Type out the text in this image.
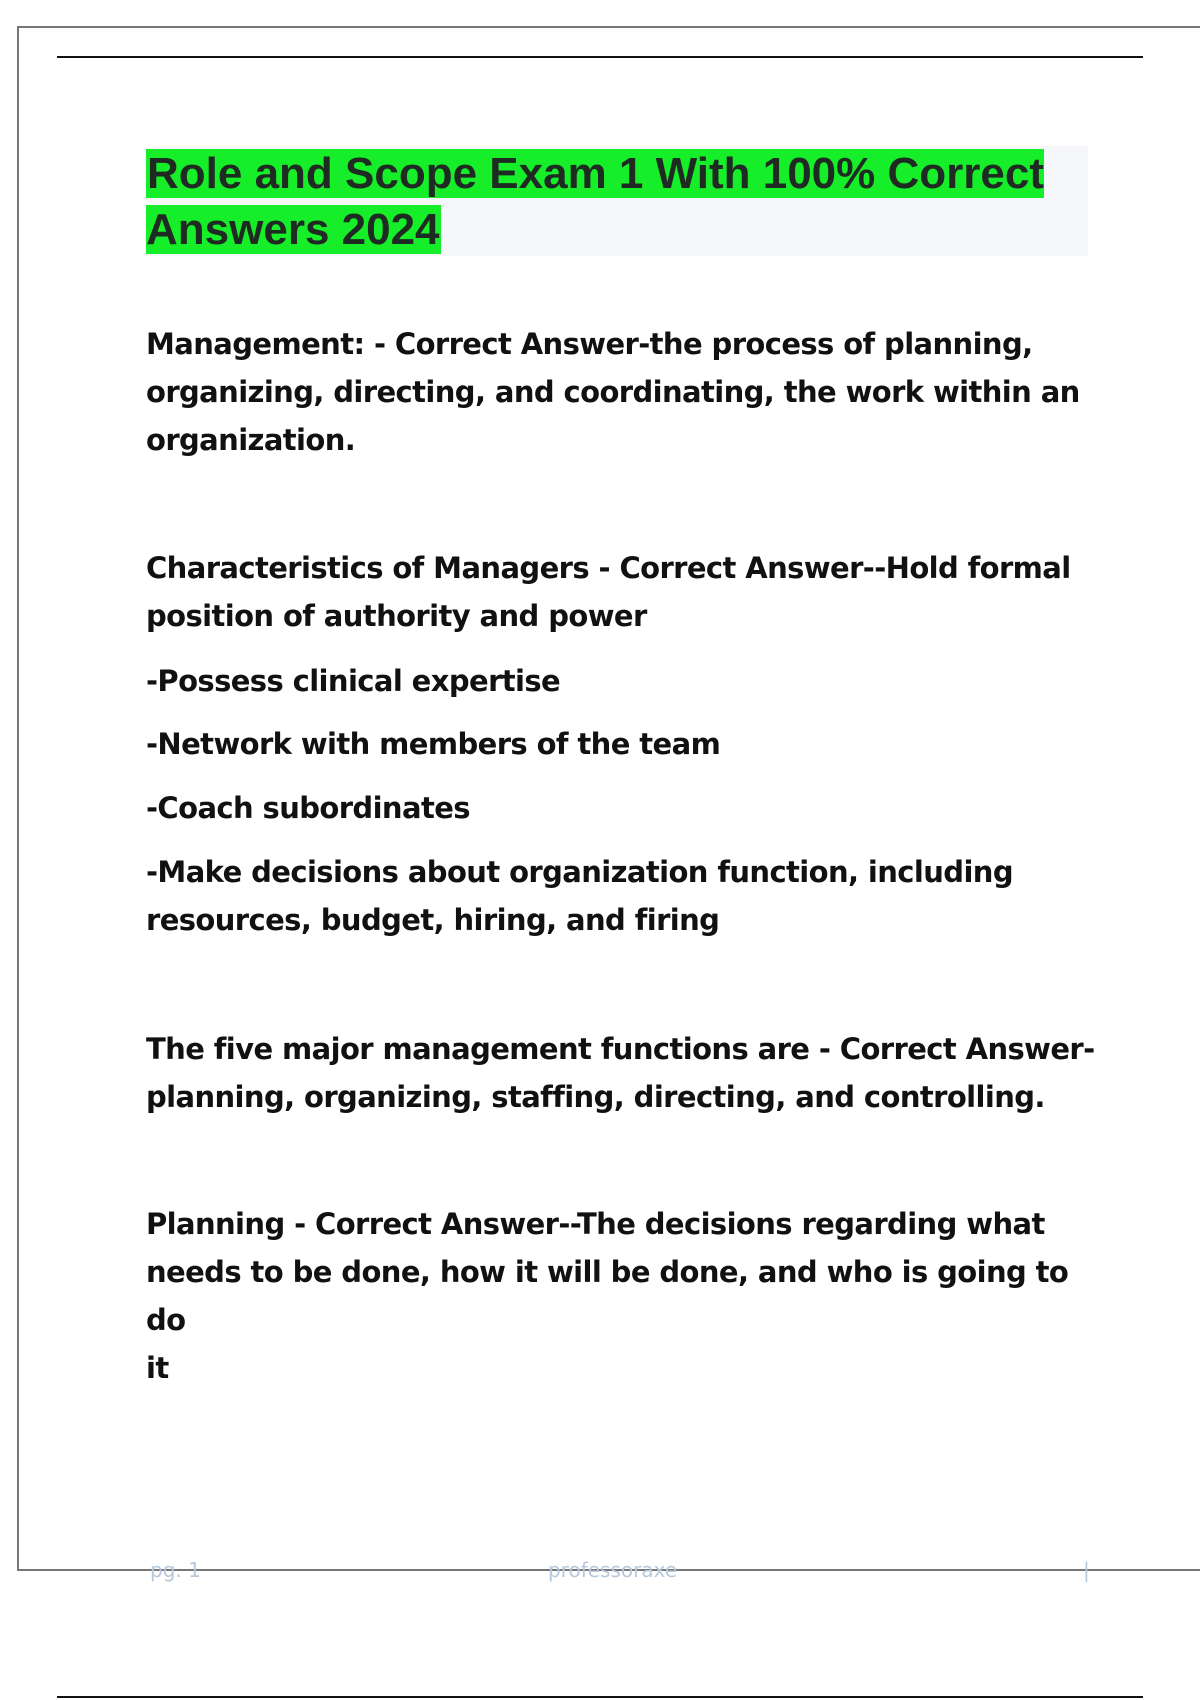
Role and Scope Exam 1 With 100% Correct Answers 2024

Management: - Correct Answer-the process of planning,
organizing, directing, and coordinating, the work within an
organization.

Characteristics of Managers - Correct Answer--Hold formal
position of authority and power

-Possess clinical expertise

-Network with members of the team

-Coach subordinates

-Make decisions about organization function, including
resources, budget, hiring, and firing

The five major management functions are - Correct Answer-
planning, organizing, staffing, directing, and controlling.

Planning - Correct Answer--The decisions regarding what
needs to be done, how it will be done, and who is going to do
it

pg. 1	professoraxe	|
